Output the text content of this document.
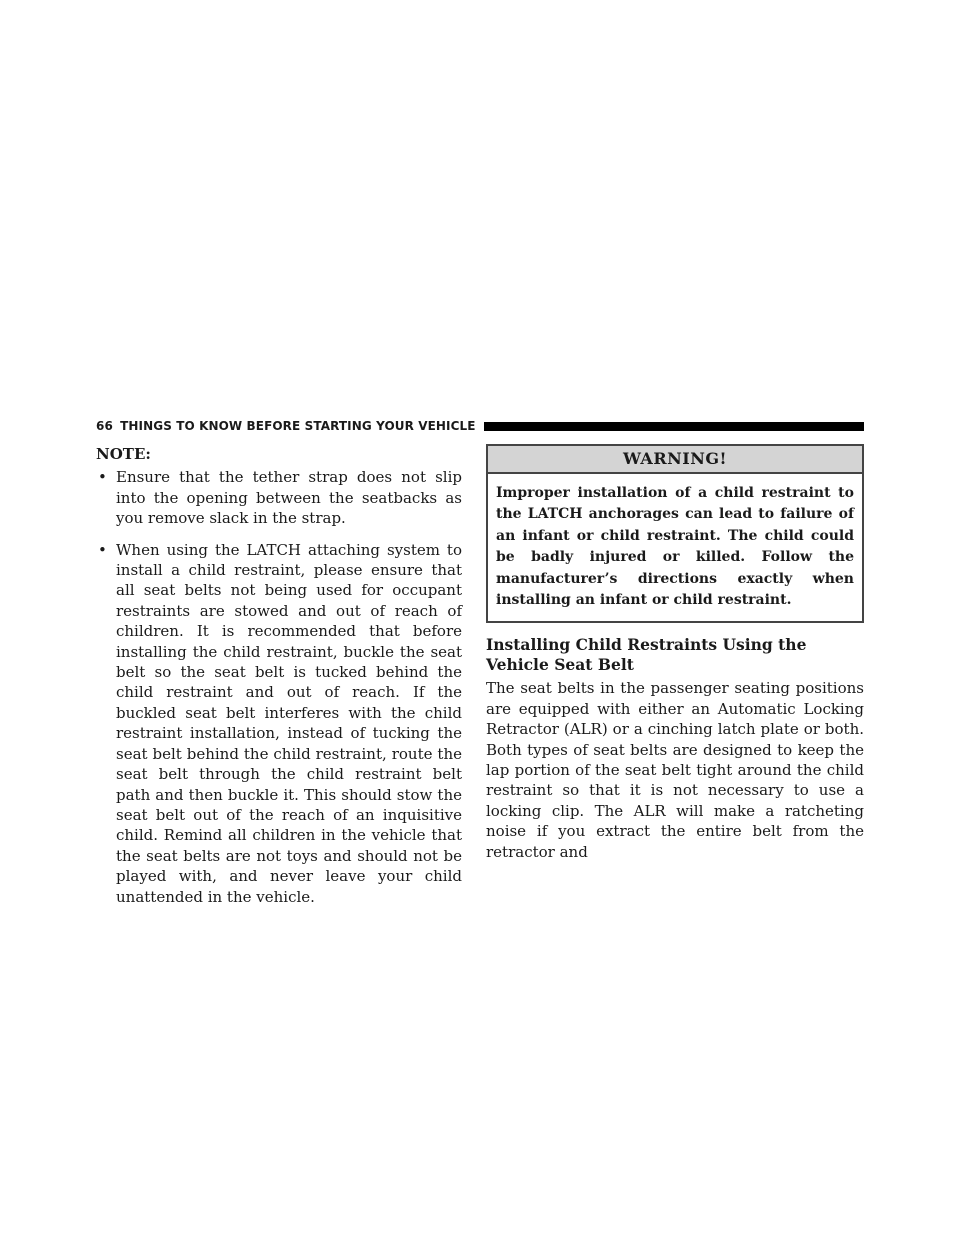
66 THINGS TO KNOW BEFORE STARTING YOUR VEHICLE
NOTE:
• Ensure that the tether strap does not slip into the opening between the seatbacks as you remove slack in the strap.
• When using the LATCH attaching system to install a child restraint, please ensure that all seat belts not being used for occupant restraints are stowed and out of reach of children. It is recommended that before installing the child restraint, buckle the seat belt so the seat belt is tucked behind the child restraint and out of reach. If the buckled seat belt interferes with the child restraint installation, instead of tucking the seat belt behind the child restraint, route the seat belt through the child restraint belt path and then buckle it. This should stow the seat belt out of the reach of an inquisitive child. Remind all children in the vehicle that the seat belts are not toys and should not be played with, and never leave your child unattended in the vehicle.
WARNING!
Improper installation of a child restraint to the LATCH anchorages can lead to failure of an infant or child restraint. The child could be badly injured or killed. Follow the manufacturer’s directions exactly when installing an infant or child restraint.
Installing Child Restraints Using the Vehicle Seat Belt

The seat belts in the passenger seating positions are equipped with either an Automatic Locking Retractor (ALR) or a cinching latch plate or both. Both types of seat belts are designed to keep the lap portion of the seat belt tight around the child restraint so that it is not necessary to use a locking clip. The ALR will make a ratcheting noise if you extract the entire belt from the retractor and
